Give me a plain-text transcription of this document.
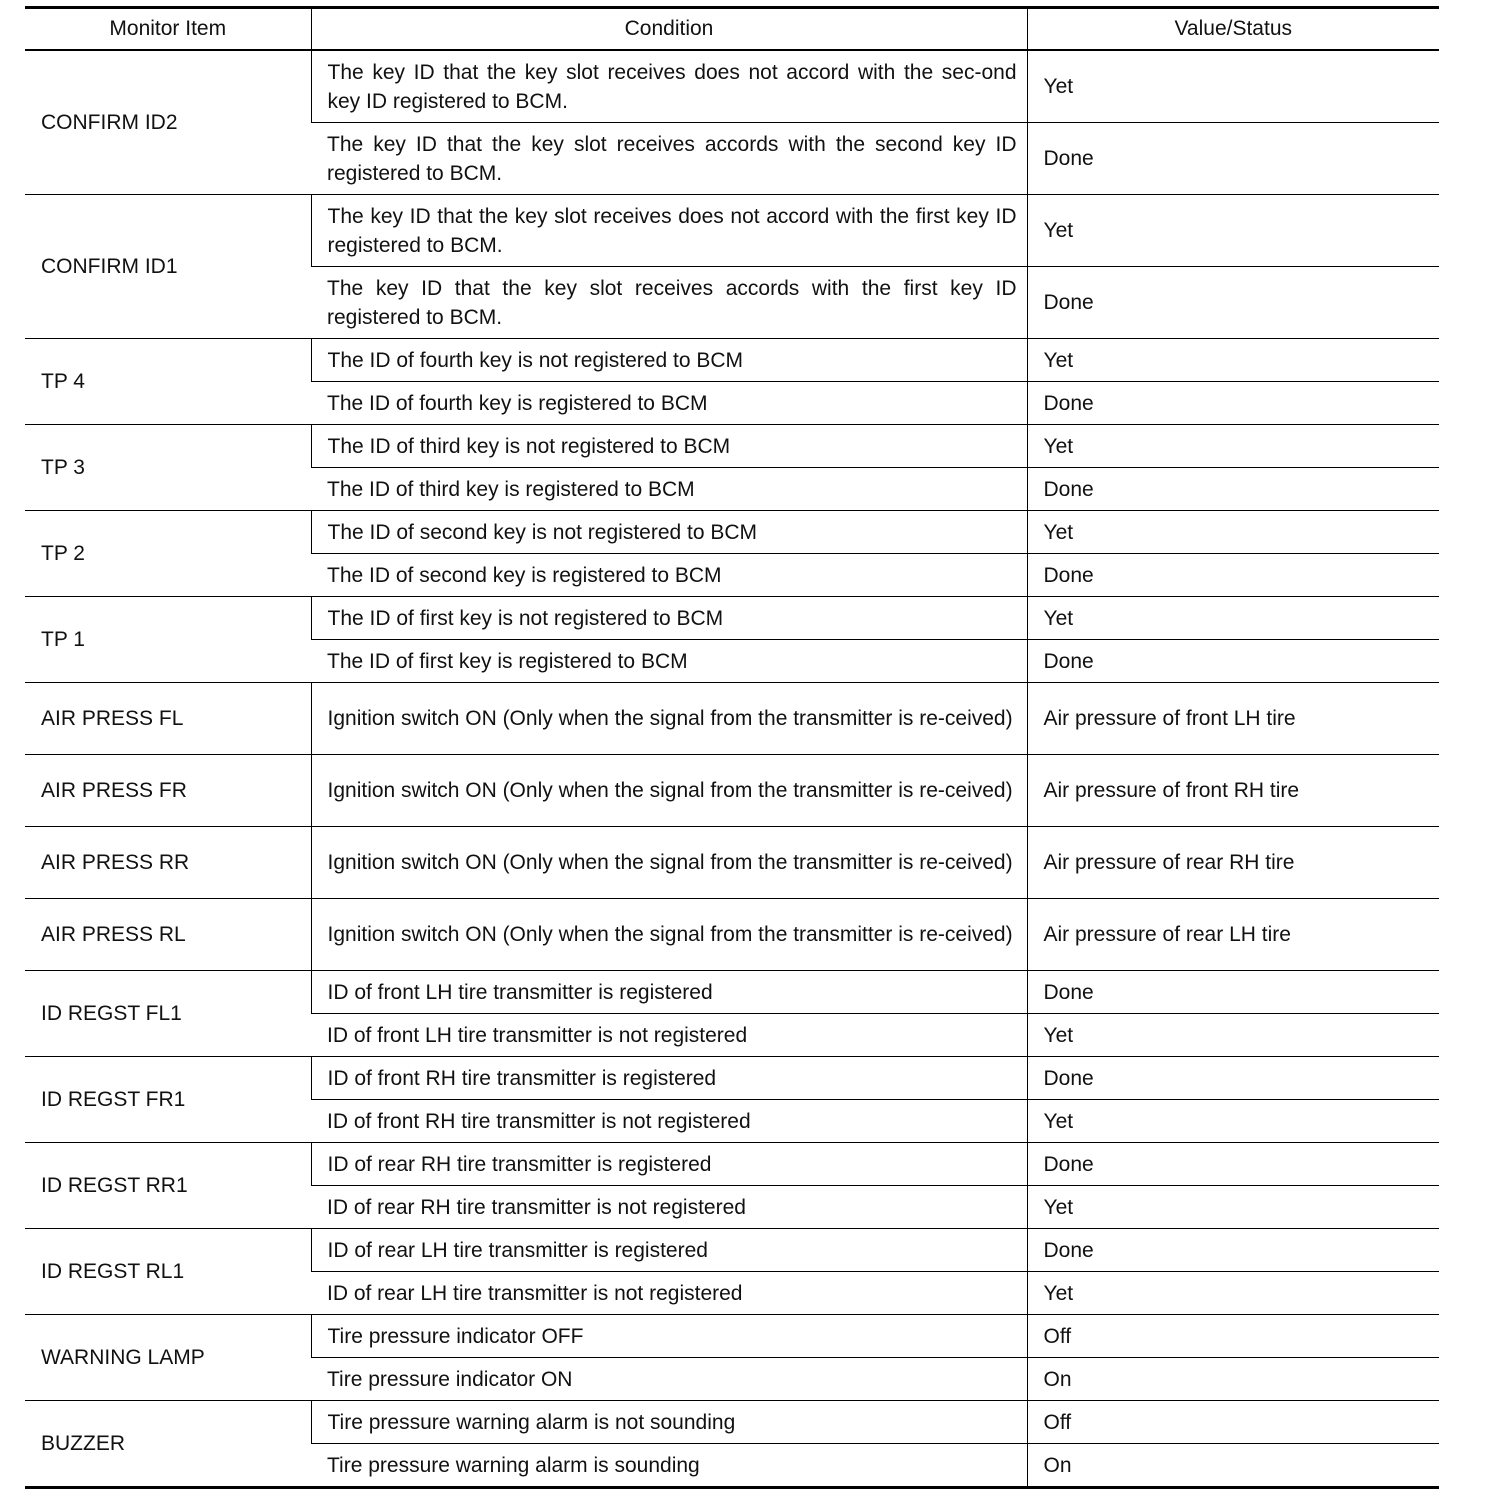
Monitor Item	Condition	Value/Status
CONFIRM ID2	The key ID that the key slot receives does not accord with the sec-ond key ID registered to BCM.	Yet
	The key ID that the key slot receives accords with the second key ID registered to BCM.	Done
CONFIRM ID1	The key ID that the key slot receives does not accord with the first key ID registered to BCM.	Yet
	The key ID that the key slot receives accords with the first key ID registered to BCM.	Done
TP 4	The ID of fourth key is not registered to BCM	Yet
	The ID of fourth key is registered to BCM	Done
TP 3	The ID of third key is not registered to BCM	Yet
	The ID of third key is registered to BCM	Done
TP 2	The ID of second key is not registered to BCM	Yet
	The ID of second key is registered to BCM	Done
TP 1	The ID of first key is not registered to BCM	Yet
	The ID of first key is registered to BCM	Done
AIR PRESS FL	Ignition switch ON (Only when the signal from the transmitter is re-ceived)	Air pressure of front LH tire
AIR PRESS FR	Ignition switch ON (Only when the signal from the transmitter is re-ceived)	Air pressure of front RH tire
AIR PRESS RR	Ignition switch ON (Only when the signal from the transmitter is re-ceived)	Air pressure of rear RH tire
AIR PRESS RL	Ignition switch ON (Only when the signal from the transmitter is re-ceived)	Air pressure of rear LH tire
ID REGST FL1	ID of front LH tire transmitter is registered	Done
	ID of front LH tire transmitter is not registered	Yet
ID REGST FR1	ID of front RH tire transmitter is registered	Done
	ID of front RH tire transmitter is not registered	Yet
ID REGST RR1	ID of rear RH tire transmitter is registered	Done
	ID of rear RH tire transmitter is not registered	Yet
ID REGST RL1	ID of rear LH tire transmitter is registered	Done
	ID of rear LH tire transmitter is not registered	Yet
WARNING LAMP	Tire pressure indicator OFF	Off
	Tire pressure indicator ON	On
BUZZER	Tire pressure warning alarm is not sounding	Off
	Tire pressure warning alarm is sounding	On
